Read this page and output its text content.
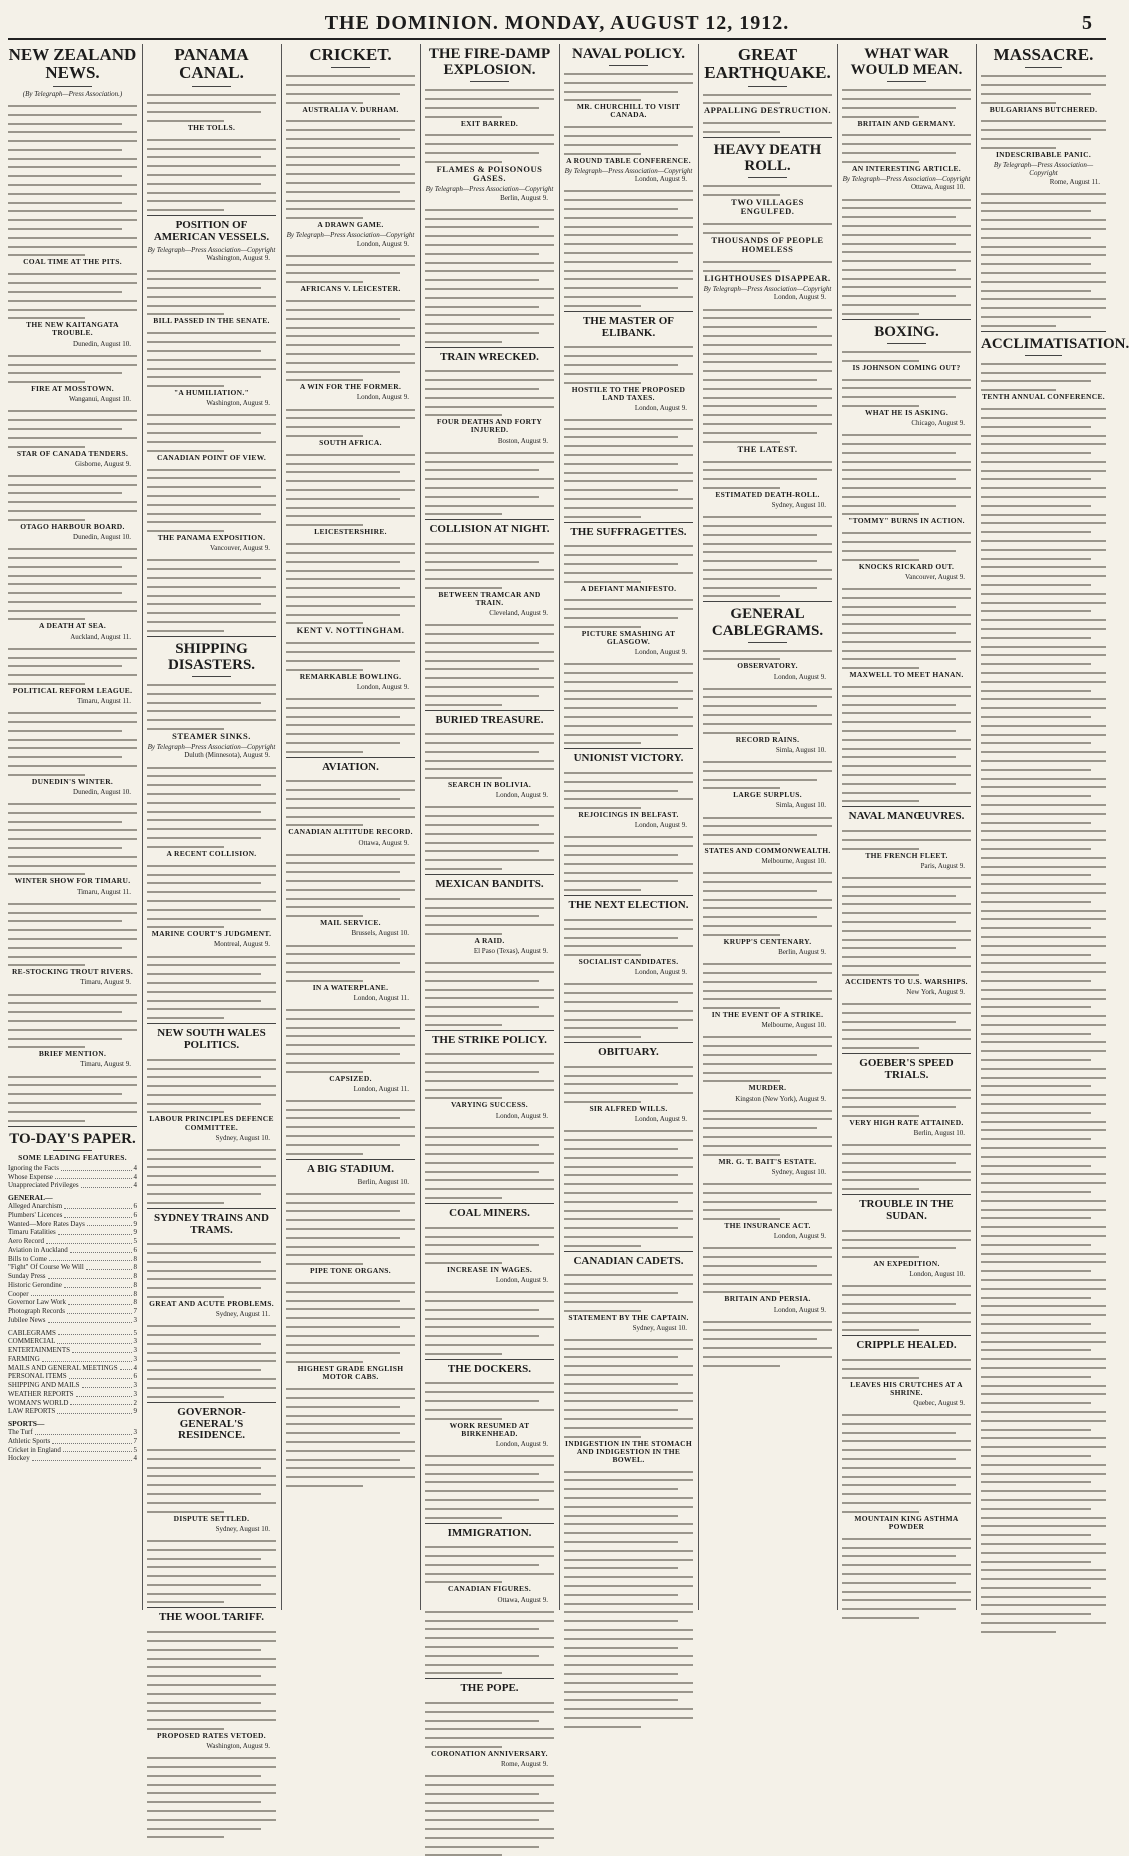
THE DOMINION. MONDAY, AUGUST 12, 1912.	5
NEW ZEALAND NEWS.
(By Telegraph—Press Association.)
COAL TIME AT THE PITS.
THE NEW KAITANGATA TROUBLE.
Dunedin, August 10.
FIRE AT MOSSTOWN.
Wanganui, August 10.
STAR OF CANADA TENDERS.
Gisborne, August 9.
OTAGO HARBOUR BOARD.
Dunedin, August 10.
A DEATH AT SEA.
Auckland, August 11.
POLITICAL REFORM LEAGUE.
Timaru, August 11.
DUNEDIN'S WINTER.
Dunedin, August 10.
WINTER SHOW FOR TIMARU.
Timaru, August 11.
RE-STOCKING TROUT RIVERS.
Timaru, August 9.
BRIEF MENTION.
Timaru, August 9.
TO-DAY'S PAPER.
SOME LEADING FEATURES.
Ignoring the Facts	4
Whose Expense	4
Unappreciated Privileges	4
GENERAL—
Alleged Anarchism	6
Plumbers' Licences	6
Wanted—More Rates Days	9
Timaru Fatalities	9
Aero Record	5
Aviation in Auckland	6
Bills to Come	8
"Fight" Of Course We Will	8
Sunday Press	8
Historic Gerondine	8
Cooper	8
Governor Law Work	8
Photograph Records	7
Jubilee News	3
CABLEGRAMS	5
COMMERCIAL	3
ENTERTAINMENTS	3
FARMING	3
MAILS AND GENERAL MEETINGS 4
PERSONAL ITEMS	6
SHIPPING AND MAILS	3
WEATHER REPORTS	3
WOMAN'S WORLD	2
LAW REPORTS	9
SPORTS—
The Turf	3
Athletic Sports	7
Cricket in England	5
Hockey	4
PANAMA CANAL.
THE TOLLS.
POSITION OF AMERICAN VESSELS.
By Telegraph—Press Association—Copyright
Washington, August 9.
BILL PASSED IN THE SENATE.
"A HUMILIATION."
Washington, August 9.
CANADIAN POINT OF VIEW.
THE PANAMA EXPOSITION.
Vancouver, August 9.
SHIPPING DISASTERS.
STEAMER SINKS.
By Telegraph—Press Association—Copyright
Duluth (Minnesota), August 9.
A RECENT COLLISION.
MARINE COURT'S JUDGMENT.
Montreal, August 9.
NEW SOUTH WALES POLITICS.
LABOUR PRINCIPLES DEFENCE COMMITTEE.
Sydney, August 10.
SYDNEY TRAINS AND TRAMS.
GREAT AND ACUTE PROBLEMS.
Sydney, August 11.
GOVERNOR-GENERAL'S RESIDENCE.
DISPUTE SETTLED.
Sydney, August 10.
THE WOOL TARIFF.
PROPOSED RATES VETOED.
Washington, August 9.
CRICKET.
AUSTRALIA V. DURHAM.
A DRAWN GAME.
By Telegraph—Press Association—Copyright
London, August 9.
AFRICANS V. LEICESTER.
A WIN FOR THE FORMER.
London, August 9.
SOUTH AFRICA.
LEICESTERSHIRE.
KENT V. NOTTINGHAM.
REMARKABLE BOWLING.
London, August 9.
AVIATION.
CANADIAN ALTITUDE RECORD.
Ottawa, August 9.
MAIL SERVICE.
Brussels, August 10.
IN A WATERPLANE.
London, August 11.
CAPSIZED.
London, August 11.
A BIG STADIUM.
Berlin, August 10.
PIPE TONE ORGANS.
HIGHEST GRADE ENGLISH MOTOR CABS.
THE FIRE-DAMP EXPLOSION.
EXIT BARRED.
FLAMES & POISONOUS GASES.
By Telegraph—Press Association—Copyright
Berlin, August 9.
TRAIN WRECKED.
FOUR DEATHS AND FORTY INJURED.
Boston, August 9.
COLLISION AT NIGHT.
BETWEEN TRAMCAR AND TRAIN.
Cleveland, August 9.
BURIED TREASURE.
SEARCH IN BOLIVIA.
London, August 9.
MEXICAN BANDITS.
A RAID.
El Paso (Texas), August 9.
THE STRIKE POLICY.
VARYING SUCCESS.
London, August 9.
COAL MINERS.
INCREASE IN WAGES.
London, August 9.
THE DOCKERS.
WORK RESUMED AT BIRKENHEAD.
London, August 9.
IMMIGRATION.
CANADIAN FIGURES.
Ottawa, August 9.
THE POPE.
CORONATION ANNIVERSARY.
Rome, August 9.
NAVAL POLICY.
MR. CHURCHILL TO VISIT CANADA.
A ROUND TABLE CONFERENCE.
By Telegraph—Press Association—Copyright
London, August 9.
THE MASTER OF ELIBANK.
HOSTILE TO THE PROPOSED LAND TAXES.
London, August 9.
THE SUFFRAGETTES.
A DEFIANT MANIFESTO.
PICTURE SMASHING AT GLASGOW.
London, August 9.
UNIONIST VICTORY.
REJOICINGS IN BELFAST.
London, August 9.
THE NEXT ELECTION.
SOCIALIST CANDIDATES.
London, August 9.
OBITUARY.
SIR ALFRED WILLS.
London, August 9.
CANADIAN CADETS.
STATEMENT BY THE CAPTAIN.
Sydney, August 10.
INDIGESTION IN THE STOMACH AND INDIGESTION IN THE BOWEL.
GREAT EARTHQUAKE.
APPALLING DESTRUCTION.
HEAVY DEATH ROLL.
TWO VILLAGES ENGULFED.
THOUSANDS OF PEOPLE HOMELESS
LIGHTHOUSES DISAPPEAR.
By Telegraph—Press Association—Copyright
London, August 9.
THE LATEST.
ESTIMATED DEATH-ROLL.
Sydney, August 10.
GENERAL CABLEGRAMS.
OBSERVATORY.
London, August 9.
RECORD RAINS.
Simla, August 10.
LARGE SURPLUS.
Simla, August 10.
STATES AND COMMONWEALTH.
Melbourne, August 10.
KRUPP'S CENTENARY.
Berlin, August 9.
IN THE EVENT OF A STRIKE.
Melbourne, August 10.
MURDER.
Kingston (New York), August 9.
MR. G. T. BAIT'S ESTATE.
Sydney, August 10.
THE INSURANCE ACT.
London, August 9.
BRITAIN AND PERSIA.
London, August 9.
WHAT WAR WOULD MEAN.
BRITAIN AND GERMANY.
AN INTERESTING ARTICLE.
By Telegraph—Press Association—Copyright
Ottawa, August 10.
BOXING.
IS JOHNSON COMING OUT?
WHAT HE IS ASKING.
Chicago, August 9.
"TOMMY" BURNS IN ACTION.
KNOCKS RICKARD OUT.
Vancouver, August 9.
MAXWELL TO MEET HANAN.
NAVAL MANŒUVRES.
THE FRENCH FLEET.
Paris, August 9.
ACCIDENTS TO U.S. WARSHIPS.
New York, August 9.
GOEBER'S SPEED TRIALS.
VERY HIGH RATE ATTAINED.
Berlin, August 10.
TROUBLE IN THE SUDAN.
AN EXPEDITION.
London, August 10.
CRIPPLE HEALED.
LEAVES HIS CRUTCHES AT A SHRINE.
Quebec, August 9.
MOUNTAIN KING ASTHMA POWDER
MASSACRE.
BULGARIANS BUTCHERED.
INDESCRIBABLE PANIC.
By Telegraph—Press Association—Copyright
Rome, August 11.
ACCLIMATISATION.
TENTH ANNUAL CONFERENCE.
